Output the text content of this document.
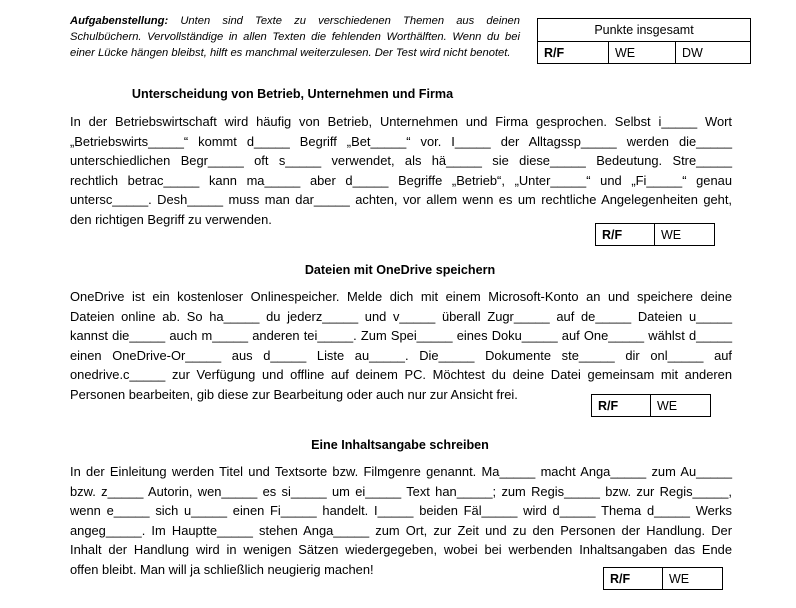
Aufgabenstellung: Unten sind Texte zu verschiedenen Themen aus deinen Schulbüchern. Vervollständige in allen Texten die fehlenden Worthälften. Wenn du bei einer Lücke hängen bleibst, hilft es manchmal weiterzulesen. Der Test wird nicht benotet.
Punkte insgesamt
R/F	WE	DW
Unterscheidung von Betrieb, Unternehmen und Firma
In der Betriebswirtschaft wird häufig von Betrieb, Unternehmen und Firma gesprochen. Selbst i_____ Wort
„Betriebswirts_____“ kommt d_____ Begriff „Bet_____“ vor. I_____ der Alltagssp_____ werden die_____
unterschiedlichen Begr_____ oft s_____ verwendet, als hä_____ sie diese_____ Bedeutung. Stre_____
rechtlich betrac_____ kann ma_____ aber d_____ Begriffe „Betrieb“, „Unter_____“ und „Fi_____“ genau
untersc_____. Desh_____ muss man dar_____ achten, vor allem wenn es um rechtliche Angelegenheiten geht,
den richtigen Begriff zu verwenden.
R/F	WE
Dateien mit OneDrive speichern
OneDrive ist ein kostenloser Onlinespeicher. Melde dich mit einem Microsoft-Konto an und speichere deine
Dateien online ab. So ha_____ du jederz_____ und v_____ überall Zugr_____ auf de_____ Dateien u_____
kannst die_____ auch m_____ anderen tei_____. Zum Spei_____ eines Doku_____ auf One_____ wählst d_____
einen OneDrive-Or_____ aus d_____ Liste au_____. Die_____ Dokumente ste_____ dir onl_____ auf
onedrive.c_____ zur Verfügung und offline auf deinem PC. Möchtest du deine Datei gemeinsam mit anderen
Personen bearbeiten, gib diese zur Bearbeitung oder auch nur zur Ansicht frei.
R/F	WE
Eine Inhaltsangabe schreiben
In der Einleitung werden Titel und Textsorte bzw. Filmgenre genannt. Ma_____ macht Anga_____ zum Au_____
bzw. z_____ Autorin, wen_____ es si_____ um ei_____ Text han_____; zum Regis_____ bzw. zur Regis_____,
wenn e_____ sich u_____ einen Fi_____ handelt. I_____ beiden Fäl_____ wird d_____ Thema d_____ Werks
angeg_____. Im Hauptte_____ stehen Anga_____ zum Ort, zur Zeit und zu den Personen der Handlung. Der
Inhalt der Handlung wird in wenigen Sätzen wiedergegeben, wobei bei werbenden Inhaltsangaben das Ende
offen bleibt. Man will ja schließlich neugierig machen!
R/F	WE
